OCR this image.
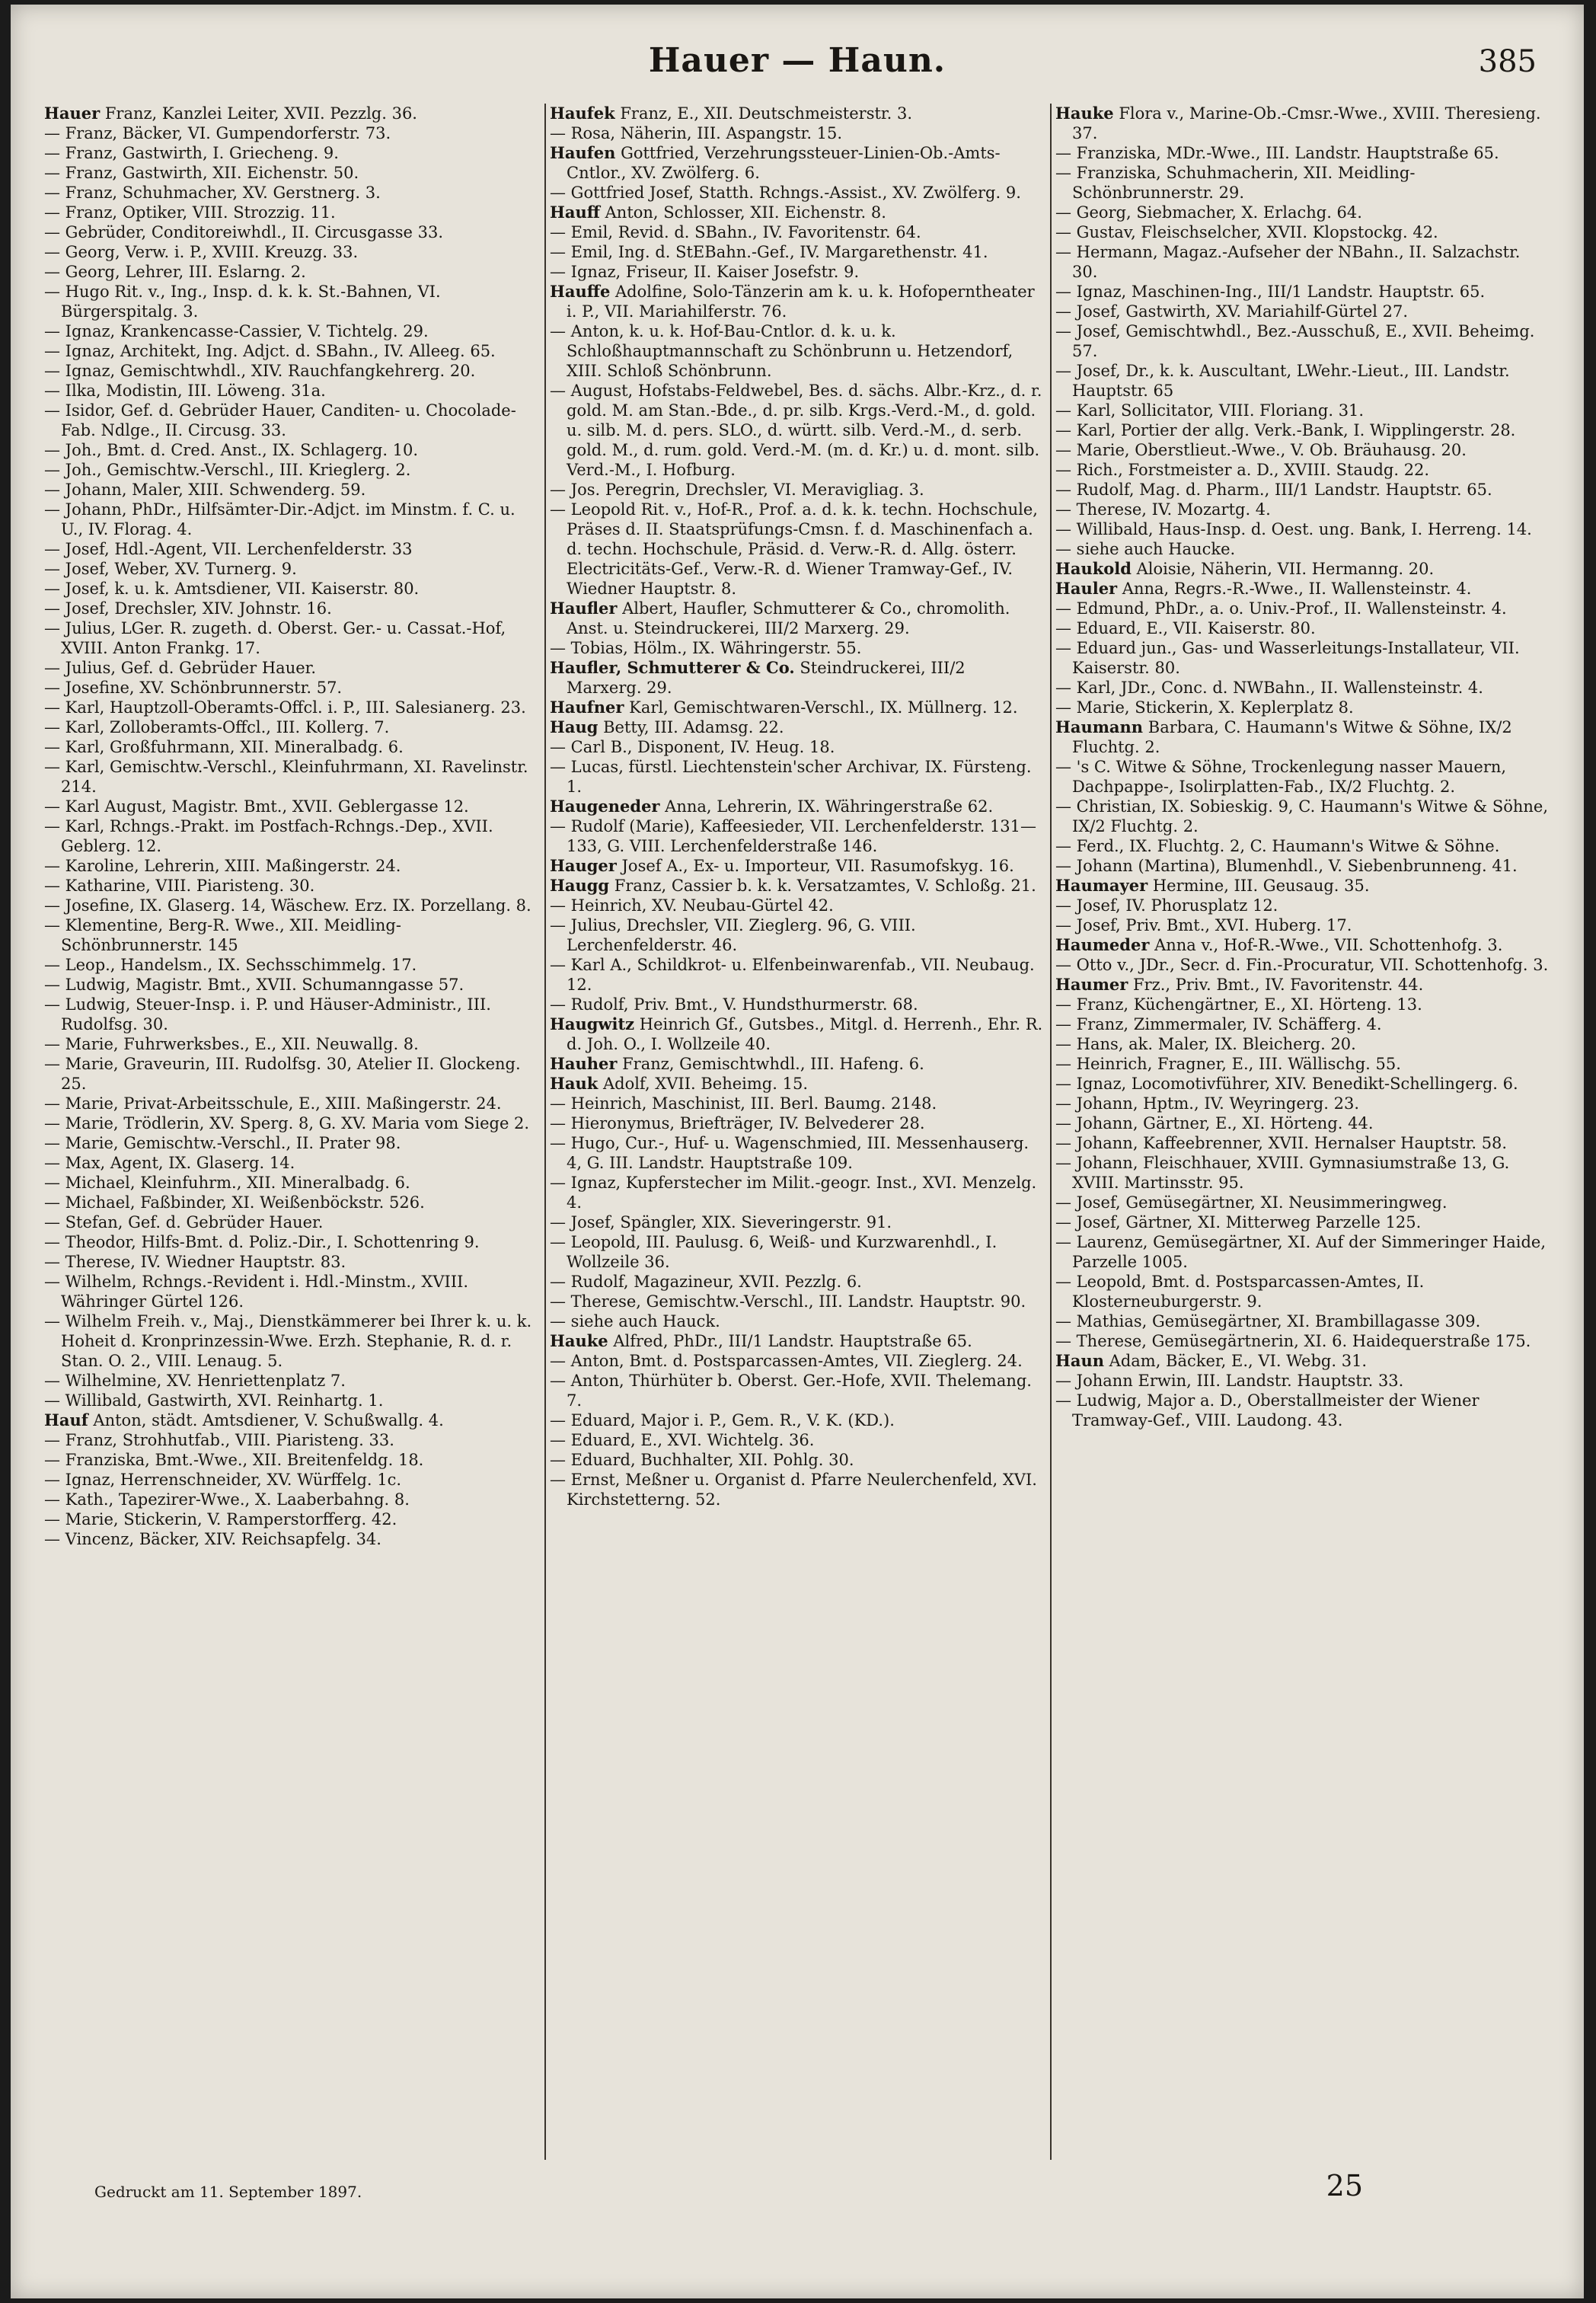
Hauer — Haun.	385

Hauer Franz, Kanzlei Leiter, XVII. Pezzlg. 36.

— Franz, Bäcker, VI. Gumpendorferstr. 73.

— Franz, Gastwirth, I. Griecheng. 9.

— Franz, Gastwirth, XII. Eichenstr. 50.

— Franz, Schuhmacher, XV. Gerstnerg. 3.

— Franz, Optiker, VIII. Strozzig. 11.

— Gebrüder, Conditoreiwhdl., II. Circusgasse 33.

— Georg, Verw. i. P., XVIII. Kreuzg. 33.

— Georg, Lehrer, III. Eslarng. 2.

— Hugo Rit. v., Ing., Insp. d. k. k. St.-Bahnen, VI. Bürgerspitalg. 3.

— Ignaz, Krankencasse-Cassier, V. Tichtelg. 29.

— Ignaz, Architekt, Ing. Adjct. d. SBahn., IV. Alleeg. 65.

— Ignaz, Gemischtwhdl., XIV. Rauchfangkehrerg. 20.

— Ilka, Modistin, III. Löweng. 31a.

— Isidor, Gef. d. Gebrüder Hauer, Canditen- u. Chocolade-Fab. Ndlge., II. Circusg. 33.

— Joh., Bmt. d. Cred. Anst., IX. Schlagerg. 10.

— Joh., Gemischtw.-Verschl., III. Krieglerg. 2.

— Johann, Maler, XIII. Schwenderg. 59.

— Johann, PhDr., Hilfsämter-Dir.-Adjct. im Minstm. f. C. u. U., IV. Florag. 4.

— Josef, Hdl.-Agent, VII. Lerchenfelderstr. 33

— Josef, Weber, XV. Turnerg. 9.

— Josef, k. u. k. Amtsdiener, VII. Kaiserstr. 80.

— Josef, Drechsler, XIV. Johnstr. 16.

— Julius, LGer. R. zugeth. d. Oberst. Ger.- u. Cassat.-Hof, XVIII. Anton Frankg. 17.

— Julius, Gef. d. Gebrüder Hauer.

— Josefine, XV. Schönbrunnerstr. 57.

— Karl, Hauptzoll-Oberamts-Offcl. i. P., III. Salesianerg. 23.

— Karl, Zolloberamts-Offcl., III. Kollerg. 7.

— Karl, Großfuhrmann, XII. Mineralbadg. 6.

— Karl, Gemischtw.-Verschl., Kleinfuhrmann, XI. Ravelinstr. 214.

— Karl August, Magistr. Bmt., XVII. Geblergasse 12.

— Karl, Rchngs.-Prakt. im Postfach-Rchngs.-Dep., XVII. Geblerg. 12.

— Karoline, Lehrerin, XIII. Maßingerstr. 24.

— Katharine, VIII. Piaristeng. 30.

— Josefine, IX. Glaserg. 14, Wäschew. Erz. IX. Porzellang. 8.

— Klementine, Berg-R. Wwe., XII. Meidling-Schönbrunnerstr. 145

— Leop., Handelsm., IX. Sechsschimmelg. 17.

— Ludwig, Magistr. Bmt., XVII. Schumanngasse 57.

— Ludwig, Steuer-Insp. i. P. und Häuser-Administr., III. Rudolfsg. 30.

— Marie, Fuhrwerksbes., E., XII. Neuwallg. 8.

— Marie, Graveurin, III. Rudolfsg. 30, Atelier II. Glockeng. 25.

— Marie, Privat-Arbeitsschule, E., XIII. Maßingerstr. 24.

— Marie, Trödlerin, XV. Sperg. 8, G. XV. Maria vom Siege 2.

— Marie, Gemischtw.-Verschl., II. Prater 98.

— Max, Agent, IX. Glaserg. 14.

— Michael, Kleinfuhrm., XII. Mineralbadg. 6.

— Michael, Faßbinder, XI. Weißenböckstr. 526.

— Stefan, Gef. d. Gebrüder Hauer.

— Theodor, Hilfs-Bmt. d. Poliz.-Dir., I. Schottenring 9.

— Therese, IV. Wiedner Hauptstr. 83.

— Wilhelm, Rchngs.-Revident i. Hdl.-Minstm., XVIII. Währinger Gürtel 126.

— Wilhelm Freih. v., Maj., Dienstkämmerer bei Ihrer k. u. k. Hoheit d. Kronprinzessin-Wwe. Erzh. Stephanie, R. d. r. Stan. O. 2., VIII. Lenaug. 5.

— Wilhelmine, XV. Henriettenplatz 7.

— Willibald, Gastwirth, XVI. Reinhartg. 1.

Hauf Anton, städt. Amtsdiener, V. Schußwallg. 4.

— Franz, Strohhutfab., VIII. Piaristeng. 33.

— Franziska, Bmt.-Wwe., XII. Breitenfeldg. 18.

— Ignaz, Herrenschneider, XV. Würffelg. 1c.

— Kath., Tapezirer-Wwe., X. Laaberbahng. 8.

— Marie, Stickerin, V. Ramperstorfferg. 42.

— Vincenz, Bäcker, XIV. Reichsapfelg. 34.

Haufek Franz, E., XII. Deutschmeisterstr. 3.

— Rosa, Näherin, III. Aspangstr. 15.

Haufen Gottfried, Verzehrungssteuer-Linien-Ob.-Amts-Cntlor., XV. Zwölferg. 6.

— Gottfried Josef, Statth. Rchngs.-Assist., XV. Zwölferg. 9.

Hauff Anton, Schlosser, XII. Eichenstr. 8.

— Emil, Revid. d. SBahn., IV. Favoritenstr. 64.

— Emil, Ing. d. StEBahn.-Gef., IV. Margarethenstr. 41.

— Ignaz, Friseur, II. Kaiser Josefstr. 9.

Hauffe Adolfine, Solo-Tänzerin am k. u. k. Hofoperntheater i. P., VII. Mariahilferstr. 76.

— Anton, k. u. k. Hof-Bau-Cntlor. d. k. u. k. Schloßhauptmannschaft zu Schönbrunn u. Hetzendorf, XIII. Schloß Schönbrunn.

— August, Hofstabs-Feldwebel, Bes. d. sächs. Albr.-Krz., d. r. gold. M. am Stan.-Bde., d. pr. silb. Krgs.-Verd.-M., d. gold. u. silb. M. d. pers. SLO., d. württ. silb. Verd.-M., d. serb. gold. M., d. rum. gold. Verd.-M. (m. d. Kr.) u. d. mont. silb. Verd.-M., I. Hofburg.

— Jos. Peregrin, Drechsler, VI. Meravigliag. 3.

— Leopold Rit. v., Hof-R., Prof. a. d. k. k. techn. Hochschule, Präses d. II. Staatsprüfungs-Cmsn. f. d. Maschinenfach a. d. techn. Hochschule, Präsid. d. Verw.-R. d. Allg. österr. Electricitäts-Gef., Verw.-R. d. Wiener Tramway-Gef., IV. Wiedner Hauptstr. 8.

Haufler Albert, Haufler, Schmutterer & Co., chromolith. Anst. u. Steindruckerei, III/2 Marxerg. 29.

— Tobias, Hölm., IX. Währingerstr. 55.

Haufler, Schmutterer & Co. Steindruckerei, III/2 Marxerg. 29.

Haufner Karl, Gemischtwaren-Verschl., IX. Müllnerg. 12.

Haug Betty, III. Adamsg. 22.

— Carl B., Disponent, IV. Heug. 18.

— Lucas, fürstl. Liechtenstein'scher Archivar, IX. Fürsteng. 1.

Haugeneder Anna, Lehrerin, IX. Währingerstraße 62.

— Rudolf (Marie), Kaffeesieder, VII. Lerchenfelderstr. 131—133, G. VIII. Lerchenfelderstraße 146.

Hauger Josef A., Ex- u. Importeur, VII. Rasumofskyg. 16.

Haugg Franz, Cassier b. k. k. Versatzamtes, V. Schloßg. 21.

— Heinrich, XV. Neubau-Gürtel 42.

— Julius, Drechsler, VII. Zieglerg. 96, G. VIII. Lerchenfelderstr. 46.

— Karl A., Schildkrot- u. Elfenbeinwarenfab., VII. Neubaug. 12.

— Rudolf, Priv. Bmt., V. Hundsthurmerstr. 68.

Haugwitz Heinrich Gf., Gutsbes., Mitgl. d. Herrenh., Ehr. R. d. Joh. O., I. Wollzeile 40.

Hauher Franz, Gemischtwhdl., III. Hafeng. 6.

Hauk Adolf, XVII. Beheimg. 15.

— Heinrich, Maschinist, III. Berl. Baumg. 2148.

— Hieronymus, Briefträger, IV. Belvederег 28.

— Hugo, Cur.-, Huf- u. Wagenschmied, III. Messenhauserg. 4, G. III. Landstr. Hauptstraße 109.

— Ignaz, Kupferstecher im Milit.-geogr. Inst., XVI. Menzelg. 4.

— Josef, Spängler, XIX. Sieveringerstr. 91.

— Leopold, III. Paulusg. 6, Weiß- und Kurzwarenhdl., I. Wollzeile 36.

— Rudolf, Magazineur, XVII. Pezzlg. 6.

— Therese, Gemischtw.-Verschl., III. Landstr. Hauptstr. 90.

— siehe auch Hauck.

Hauke Alfred, PhDr., III/1 Landstr. Hauptstraße 65.

— Anton, Bmt. d. Postsparcassen-Amtes, VII. Zieglerg. 24.

— Anton, Thürhüter b. Oberst. Ger.-Hofe, XVII. Thelemang. 7.

— Eduard, Major i. P., Gem. R., V. K. (KD.).

— Eduard, E., XVI. Wichtelg. 36.

— Eduard, Buchhalter, XII. Pohlg. 30.

— Ernst, Meßner u. Organist d. Pfarre Neulerchenfeld, XVI. Kirchstetterng. 52.

Hauke Flora v., Marine-Ob.-Cmsr.-Wwe., XVIII. Theresieng. 37.

— Franziska, MDr.-Wwe., III. Landstr. Hauptstraße 65.

— Franziska, Schuhmacherin, XII. Meidling-Schönbrunnerstr. 29.

— Georg, Siebmacher, X. Erlachg. 64.

— Gustav, Fleischselcher, XVII. Klopstockg. 42.

— Hermann, Magaz.-Aufseher der NBahn., II. Salzachstr. 30.

— Ignaz, Maschinen-Ing., III/1 Landstr. Hauptstr. 65.

— Josef, Gastwirth, XV. Mariahilf-Gürtel 27.

— Josef, Gemischtwhdl., Bez.-Ausschuß, E., XVII. Beheimg. 57.

— Josef, Dr., k. k. Auscultant, LWehr.-Lieut., III. Landstr. Hauptstr. 65

— Karl, Sollicitator, VIII. Floriang. 31.

— Karl, Portier der allg. Verk.-Bank, I. Wipplingerstr. 28.

— Marie, Oberstlieut.-Wwe., V. Ob. Bräuhausg. 20.

— Rich., Forstmeister a. D., XVIII. Staudg. 22.

— Rudolf, Mag. d. Pharm., III/1 Landstr. Hauptstr. 65.

— Therese, IV. Mozartg. 4.

— Willibald, Haus-Insp. d. Oest. ung. Bank, I. Herreng. 14.

— siehe auch Haucke.

Haukold Aloisie, Näherin, VII. Hermanng. 20.

Hauler Anna, Regrs.-R.-Wwe., II. Wallensteinstr. 4.

— Edmund, PhDr., a. o. Univ.-Prof., II. Wallensteinstr. 4.

— Eduard, E., VII. Kaiserstr. 80.

— Eduard jun., Gas- und Wasserleitungs-Installateur, VII. Kaiserstr. 80.

— Karl, JDr., Conc. d. NWBahn., II. Wallensteinstr. 4.

— Marie, Stickerin, X. Keplerplatz 8.

Haumann Barbara, C. Haumann's Witwe & Söhne, IX/2 Fluchtg. 2.

— 's C. Witwe & Söhne, Trockenlegung nasser Mauern, Dachpappe-, Isolirplatten-Fab., IX/2 Fluchtg. 2.

— Christian, IX. Sobieskig. 9, C. Haumann's Witwe & Söhne, IX/2 Fluchtg. 2.

— Ferd., IX. Fluchtg. 2, C. Haumann's Witwe & Söhne.

— Johann (Martina), Blumenhdl., V. Siebenbrunneng. 41.

Haumayer Hermine, III. Geusaug. 35.

— Josef, IV. Phorusplatz 12.

— Josef, Priv. Bmt., XVI. Huberg. 17.

Haumeder Anna v., Hof-R.-Wwe., VII. Schottenhofg. 3.

— Otto v., JDr., Secr. d. Fin.-Procuratur, VII. Schottenhofg. 3.

Haumer Frz., Priv. Bmt., IV. Favoritenstr. 44.

— Franz, Küchengärtner, E., XI. Hörteng. 13.

— Franz, Zimmermaler, IV. Schäfferg. 4.

— Hans, ak. Maler, IX. Bleicherg. 20.

— Heinrich, Fragner, E., III. Wällischg. 55.

— Ignaz, Locomotivführer, XIV. Benedikt-Schellingerg. 6.

— Johann, Hptm., IV. Weyringerg. 23.

— Johann, Gärtner, E., XI. Hörteng. 44.

— Johann, Kaffeebrenner, XVII. Hernalser Hauptstr. 58.

— Johann, Fleischhauer, XVIII. Gymnasiumstraße 13, G. XVIII. Martinsstr. 95.

— Josef, Gemüsegärtner, XI. Neusimmeringweg.

— Josef, Gärtner, XI. Mitterweg Parzelle 125.

— Laurenz, Gemüsegärtner, XI. Auf der Simmeringer Haide, Parzelle 1005.

— Leopold, Bmt. d. Postsparcassen-Amtes, II. Klosterneuburgerstr. 9.

— Mathias, Gemüsegärtner, XI. Brambillagasse 309.

— Therese, Gemüsegärtnerin, XI. 6. Haidequerstraße 175.

Haun Adam, Bäcker, E., VI. Webg. 31.

— Johann Erwin, III. Landstr. Hauptstr. 33.

— Ludwig, Major a. D., Oberstallmeister der Wiener Tramway-Gef., VIII. Laudong. 43.

Gedruckt am 11. September 1897.	25
